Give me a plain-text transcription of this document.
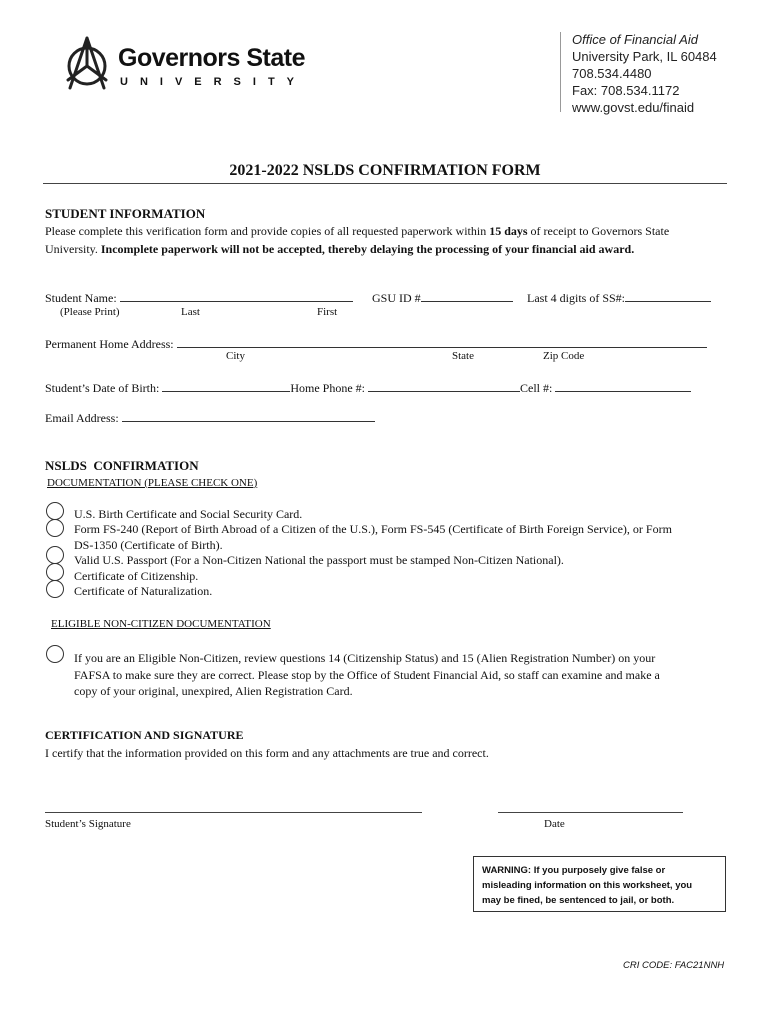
Governors State
UNIVERSITY
Office of Financial Aid
University Park, IL 60484
708.534.4480
Fax: 708.534.1172
www.govst.edu/finaid
2021-2022 NSLDS CONFIRMATION FORM
STUDENT INFORMATION
Please complete this verification form and provide copies of all requested paperwork within 15 days of receipt to Governors State University. Incomplete paperwork will not be accepted, thereby delaying the processing of your financial aid award.
Student Name:	GSU ID #	Last 4 digits of SS#:
(Please Print)	Last	First
Permanent Home Address:
City	State	Zip Code
Student’s Date of Birth:	Home Phone #:	Cell #:
Email Address:
NSLDS  CONFIRMATION
DOCUMENTATION (PLEASE CHECK ONE)
U.S. Birth Certificate and Social Security Card.
Form FS-240 (Report of Birth Abroad of a Citizen of the U.S.), Form FS-545 (Certificate of Birth Foreign Service), or Form
DS-1350 (Certificate of Birth).
Valid U.S. Passport (For a Non-Citizen National the passport must be stamped Non-Citizen National).
Certificate of Citizenship.
Certificate of Naturalization.
ELIGIBLE NON-CITIZEN DOCUMENTATION
If you are an Eligible Non-Citizen, review questions 14 (Citizenship Status) and 15 (Alien Registration Number) on your
FAFSA to make sure they are correct. Please stop by the Office of Student Financial Aid, so staff can examine and make a
copy of your original, unexpired, Alien Registration Card.
CERTIFICATION AND SIGNATURE
I certify that the information provided on this form and any attachments are true and correct.
Student’s Signature	Date
WARNING: If you purposely give false or
misleading information on this worksheet, you
may be fined, be sentenced to jail, or both.
CRI CODE: FAC21NNH
